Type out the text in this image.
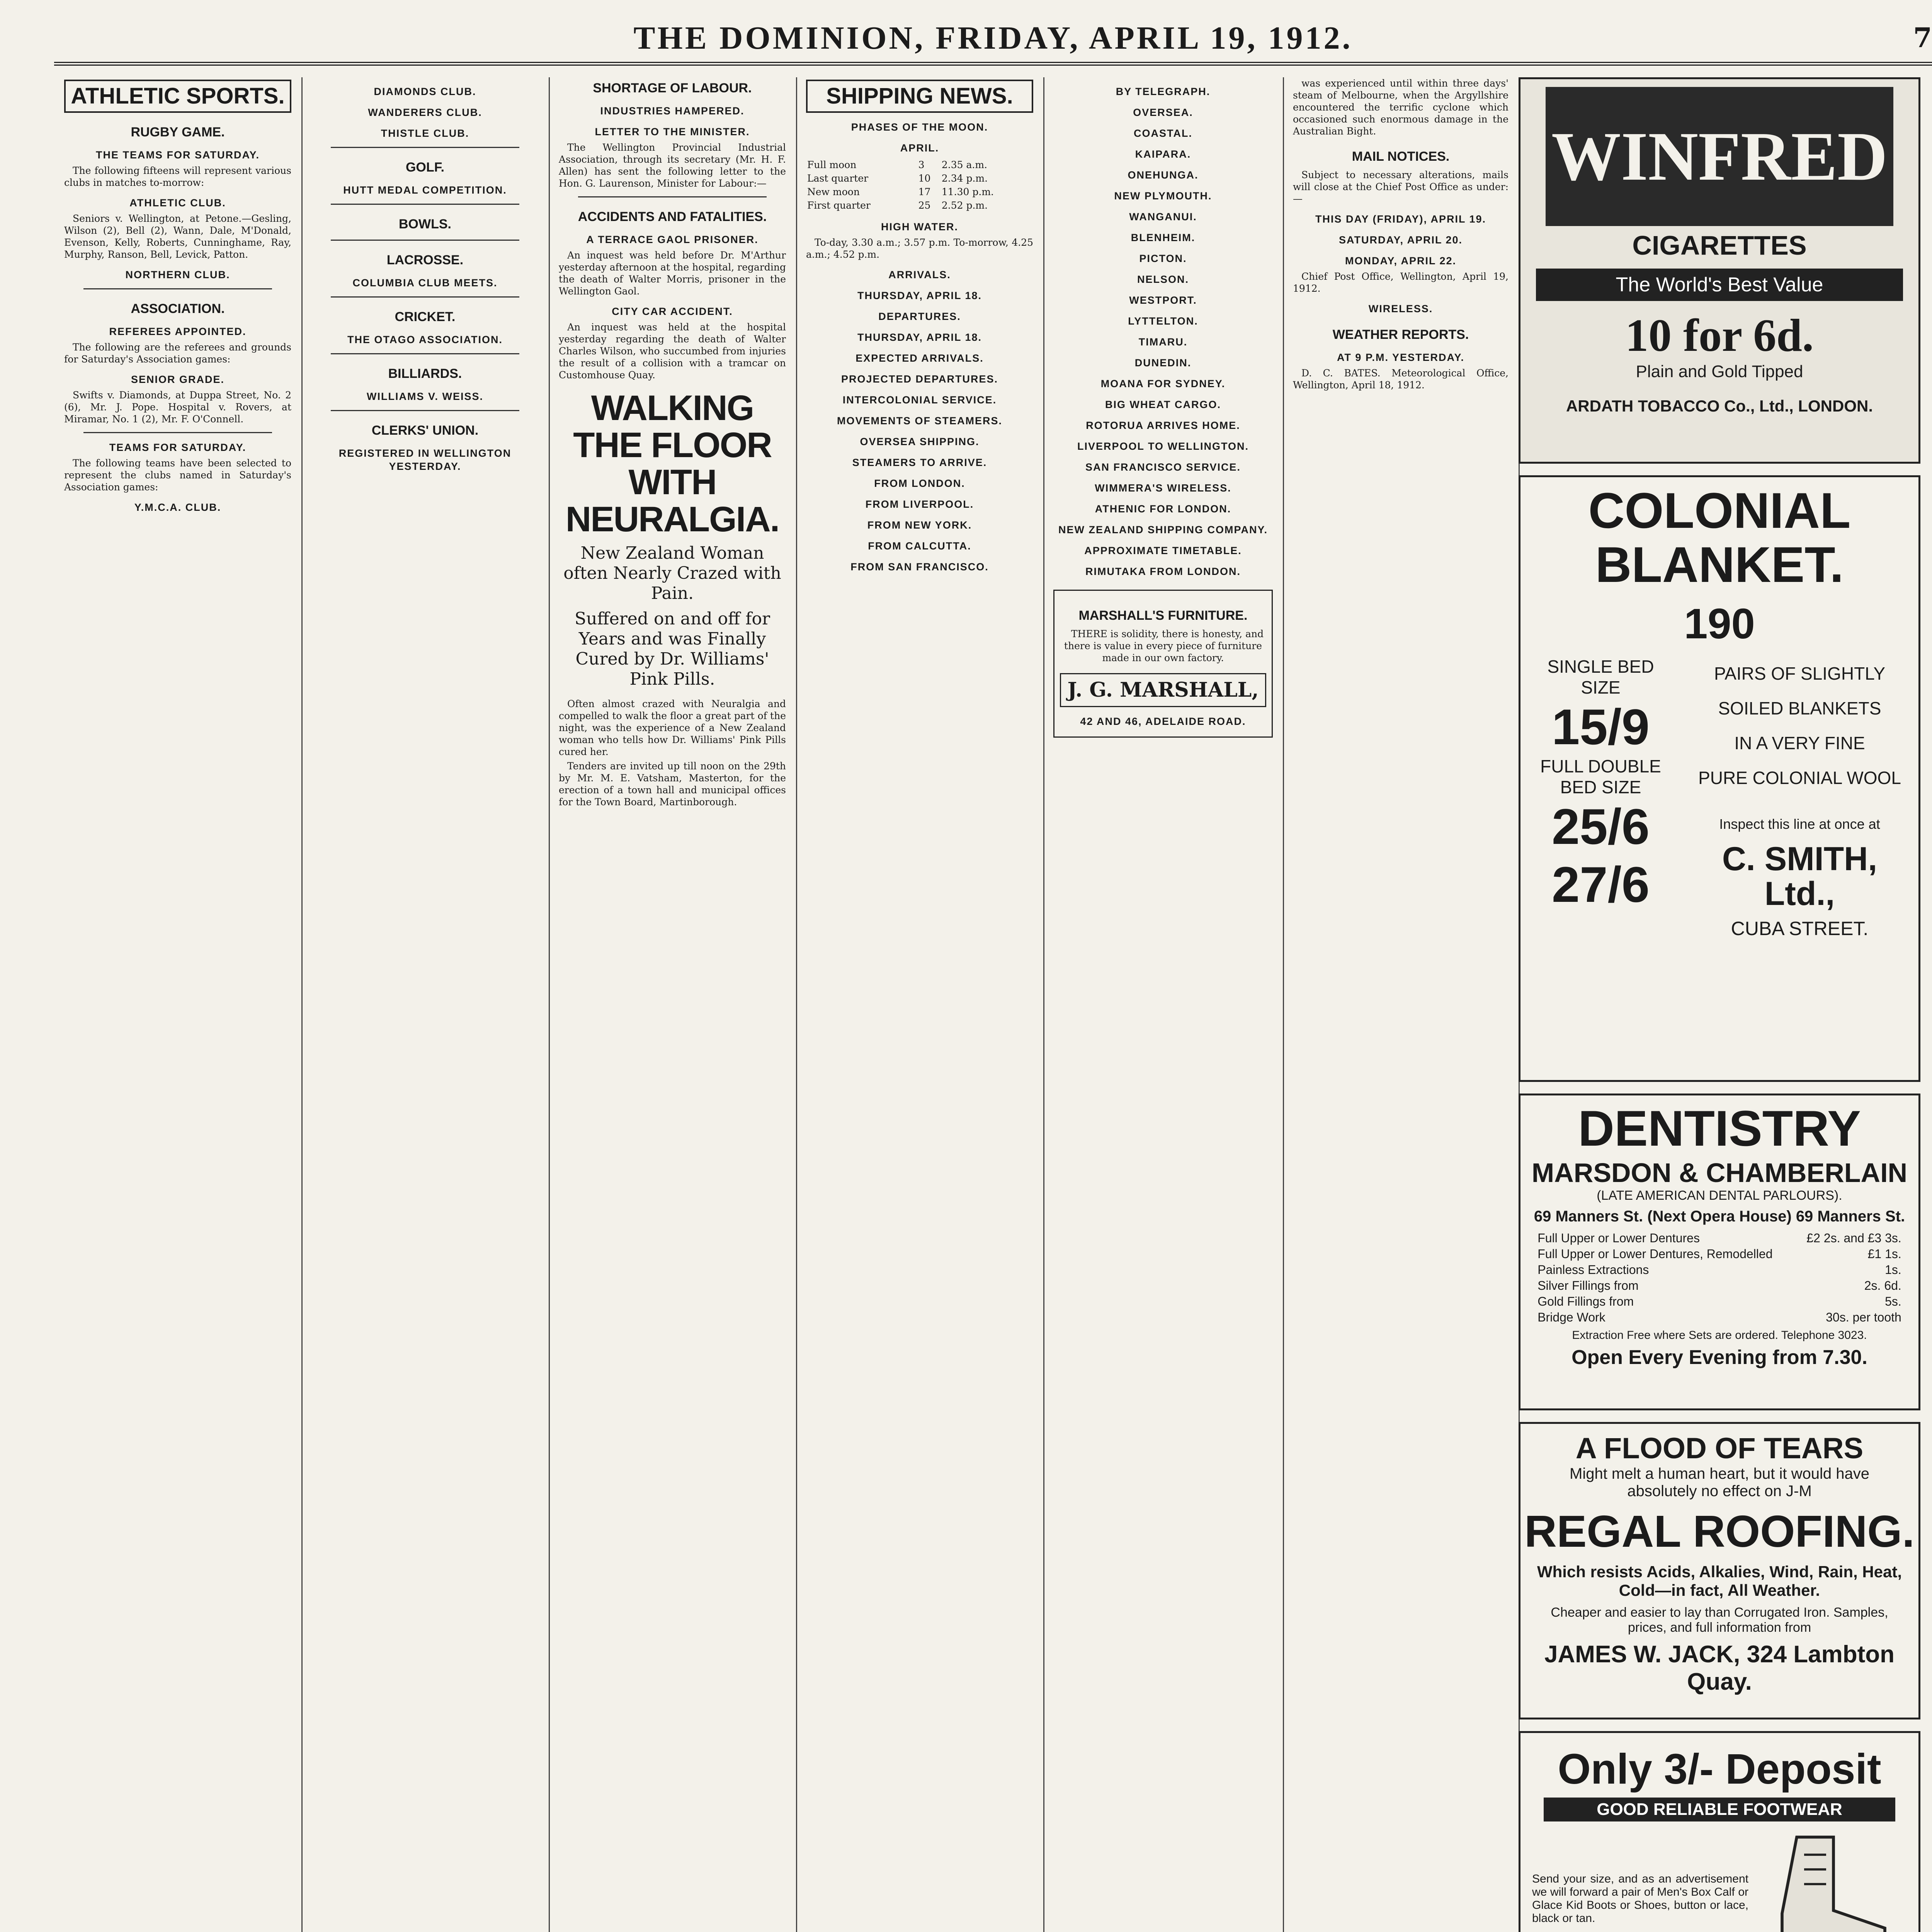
THE DOMINION, FRIDAY, APRIL 19, 1912.	7
ATHLETIC SPORTS.
RUGBY GAME.
THE TEAMS FOR SATURDAY.

The following fifteens will represent various clubs in matches to-morrow:

ATHLETIC CLUB.

Seniors v. Wellington, at Petone.—Gesling, Wilson (2), Bell (2), Wann, Dale, M'Donald, Evenson, Kelly, Roberts, Cunninghame, Ray, Murphy, Ranson, Bell, Levick, Patton.

NORTHERN CLUB.
ASSOCIATION.
REFEREES APPOINTED.

The following are the referees and grounds for Saturday's Association games:

SENIOR GRADE.

Swifts v. Diamonds, at Duppa Street, No. 2 (6), Mr. J. Pope. Hospital v. Rovers, at Miramar, No. 1 (2), Mr. F. O'Connell.

TEAMS FOR SATURDAY.

The following teams have been selected to represent the clubs named in Saturday's Association games:

Y.M.C.A. CLUB.
DIAMONDS CLUB.
WANDERERS CLUB.
THISTLE CLUB.
GOLF.
HUTT MEDAL COMPETITION.
BOWLS.
LACROSSE.
COLUMBIA CLUB MEETS.
CRICKET.
THE OTAGO ASSOCIATION.
BILLIARDS.
WILLIAMS V. WEISS.
CLERKS' UNION.
REGISTERED IN WELLINGTON YESTERDAY.
SHORTAGE OF LABOUR.
INDUSTRIES HAMPERED.
LETTER TO THE MINISTER.

The Wellington Provincial Industrial Association, through its secretary (Mr. H. F. Allen) has sent the following letter to the Hon. G. Laurenson, Minister for Labour:—

ACCIDENTS AND FATALITIES.
A TERRACE GAOL PRISONER.

An inquest was held before Dr. M'Arthur yesterday afternoon at the hospital, regarding the death of Walter Morris, prisoner in the Wellington Gaol.

CITY CAR ACCIDENT.

An inquest was held at the hospital yesterday regarding the death of Walter Charles Wilson, who succumbed from injuries the result of a collision with a tramcar on Customhouse Quay.

WALKING THE FLOOR WITH NEURALGIA.
New Zealand Woman often Nearly Crazed with Pain.
Suffered on and off for Years and was Finally Cured by Dr. Williams' Pink Pills.

Often almost crazed with Neuralgia and compelled to walk the floor a great part of the night, was the experience of a New Zealand woman who tells how Dr. Williams' Pink Pills cured her.

Tenders are invited up till noon on the 29th by Mr. M. E. Vatsham, Masterton, for the erection of a town hall and municipal offices for the Town Board, Martinborough.

SHIPPING NEWS.
PHASES OF THE MOON.
APRIL.
Full moon	3	2.35 a.m.
Last quarter	10	2.34 p.m.
New moon	17	11.30 p.m.
First quarter	25	2.52 p.m.
HIGH WATER.

To-day, 3.30 a.m.; 3.57 p.m. To-morrow, 4.25 a.m.; 4.52 p.m.

ARRIVALS.
THURSDAY, APRIL 18.
DEPARTURES.
THURSDAY, APRIL 18.
EXPECTED ARRIVALS.
PROJECTED DEPARTURES.
INTERCOLONIAL SERVICE.
MOVEMENTS OF STEAMERS.
OVERSEA SHIPPING.
STEAMERS TO ARRIVE.
FROM LONDON.
FROM LIVERPOOL.
FROM NEW YORK.
FROM CALCUTTA.
FROM SAN FRANCISCO.
BY TELEGRAPH.
OVERSEA.
COASTAL.
KAIPARA.
ONEHUNGA.
NEW PLYMOUTH.
WANGANUI.
BLENHEIM.
PICTON.
NELSON.
WESTPORT.
LYTTELTON.
TIMARU.
DUNEDIN.
MOANA FOR SYDNEY.
BIG WHEAT CARGO.
ROTORUA ARRIVES HOME.
LIVERPOOL TO WELLINGTON.
SAN FRANCISCO SERVICE.
WIMMERA'S WIRELESS.
ATHENIC FOR LONDON.
NEW ZEALAND SHIPPING COMPANY.
APPROXIMATE TIMETABLE.
RIMUTAKA FROM LONDON.
MARSHALL'S FURNITURE.

THERE is solidity, there is honesty, and there is value in every piece of furniture made in our own factory.

J. G. MARSHALL,
42 AND 46, ADELAIDE ROAD.

was experienced until within three days' steam of Melbourne, when the Argyllshire encountered the terrific cyclone which occasioned such enormous damage in the Australian Bight.

MAIL NOTICES.

Subject to necessary alterations, mails will close at the Chief Post Office as under:—

THIS DAY (FRIDAY), APRIL 19.
SATURDAY, APRIL 20.
MONDAY, APRIL 22.

Chief Post Office, Wellington, April 19, 1912.

WIRELESS.
WEATHER REPORTS.
AT 9 P.M. YESTERDAY.

D. C. BATES. Meteorological Office, Wellington, April 18, 1912.

WINFRED
CIGARETTES
The World's Best Value
10 for 6d.
Plain and Gold Tipped
ARDATH TOBACCO Co., Ltd., LONDON.
COLONIAL
BLANKET.
190
SINGLE BED SIZE
15/9
FULL DOUBLE BED SIZE
25/6
27/6
PAIRS OF SLIGHTLY
SOILED BLANKETS
IN A VERY FINE
PURE COLONIAL WOOL
Inspect this line at once at
C. SMITH, Ltd.,
CUBA STREET.
DENTISTRY
MARSDON & CHAMBERLAIN
(LATE AMERICAN DENTAL PARLOURS).
69 Manners St. (Next Opera House) 69 Manners St.
Full Upper or Lower Dentures	£2 2s. and £3 3s.
Full Upper or Lower Dentures, Remodelled	£1 1s.
Painless Extractions	1s.
Silver Fillings from	2s. 6d.
Gold Fillings from	5s.
Bridge Work	30s. per tooth
Extraction Free where Sets are ordered. Telephone 3023.
Open Every Evening from 7.30.
A FLOOD OF TEARS
Might melt a human heart, but it would have
absolutely no effect on J-M
REGAL ROOFING.
Which resists Acids, Alkalies, Wind, Rain, Heat, Cold—in fact, All Weather.
Cheaper and easier to lay than Corrugated Iron. Samples, prices, and full information from
JAMES W. JACK, 324 Lambton Quay.
Only 3/- Deposit
GOOD RELIABLE FOOTWEAR
Send your size, and as an advertisement we will forward a pair of Men's Box Calf or Glace Kid Boots or Shoes, button or lace, black or tan.
